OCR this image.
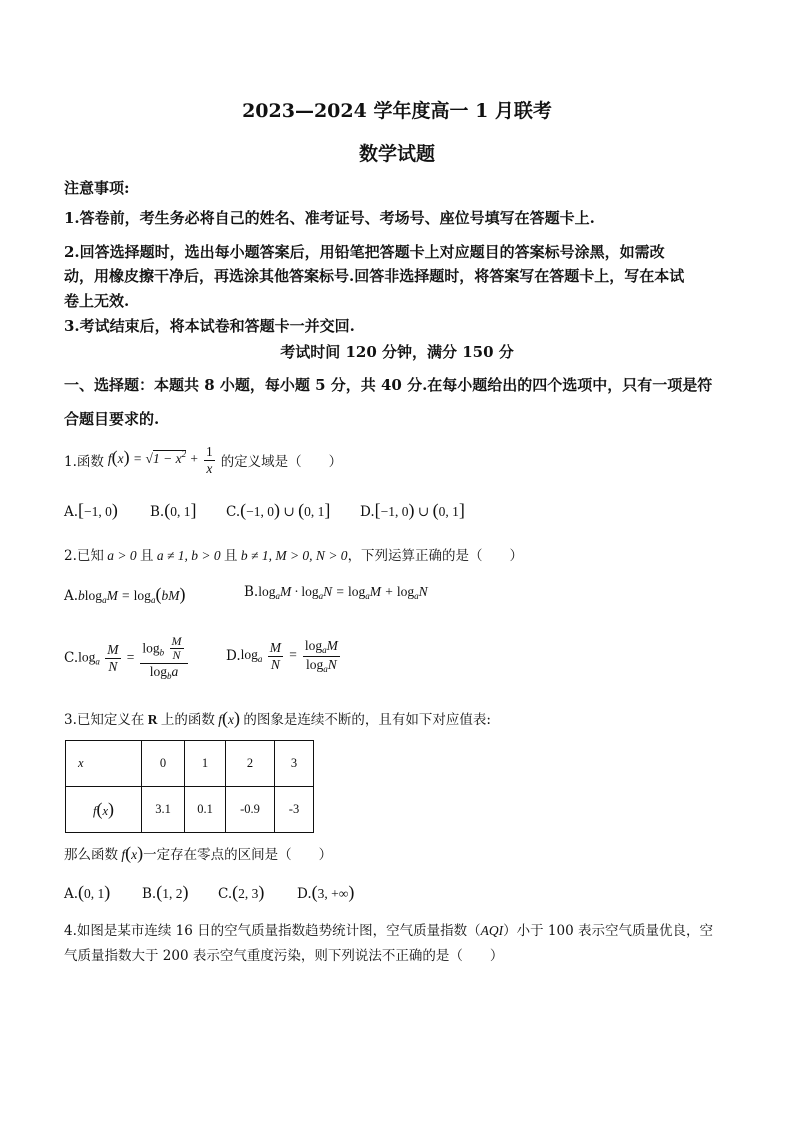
2023—2024 学年度高一 1 月联考
数学试题
注意事项:
1.答卷前，考生务必将自己的姓名、准考证号、考场号、座位号填写在答题卡上.
2.回答选择题时，选出每小题答案后，用铅笔把答题卡上对应题目的答案标号涂黑，如需改
动，用橡皮擦干净后，再选涂其他答案标号.回答非选择题时，将答案写在答题卡上，写在本试
卷上无效.
3.考试结束后，将本试卷和答题卡一并交回.
考试时间 120 分钟，满分 150 分
一、选择题：本题共 8 小题，每小题 5 分，共 40 分.在每小题给出的四个选项中，只有一项是符
合题目要求的.
1.函数 $f(x) = √1 - x^2 + \frac{1}{x}$ 的定义域是（　　）
A.[−1, 0) B.(0, 1] C.(−1, 0) ∪ (0, 1] D.[−1, 0) ∪ (0, 1]
2.已知 a > 0 且 a ≠ 1, b > 0 且 b ≠ 1, M > 0, N > 0，下列运算正确的是（　　）
$A.blog_aM = \log_a(bM)$	$B.\log_aM \cdot \log_aN = \log_aM + \log_aN$
C. $\log_a \frac{M}{N} = \frac{\log_b \frac{M}{N}}{\log_ba}$	D. $\log_a \frac{M}{N} = \frac{\log_aM}{\log_aN}$
3.已知定义在 R 上的函数 f(x) 的图象是连续不断的，且有如下对应值表:
x	0	1	2	3
f(x)	3.1	0.1	-0.9	-3
那么函数 f(x)一定存在零点的区间是（　　）
A.(0, 1) B.(1, 2) C.(2, 3) D.(3, +∞)
4.如图是某市连续 16 日的空气质量指数趋势统计图，空气质量指数（AQI）小于 100 表示空气质量优良，空
气质量指数大于 200 表示空气重度污染，则下列说法不正确的是（　　）
